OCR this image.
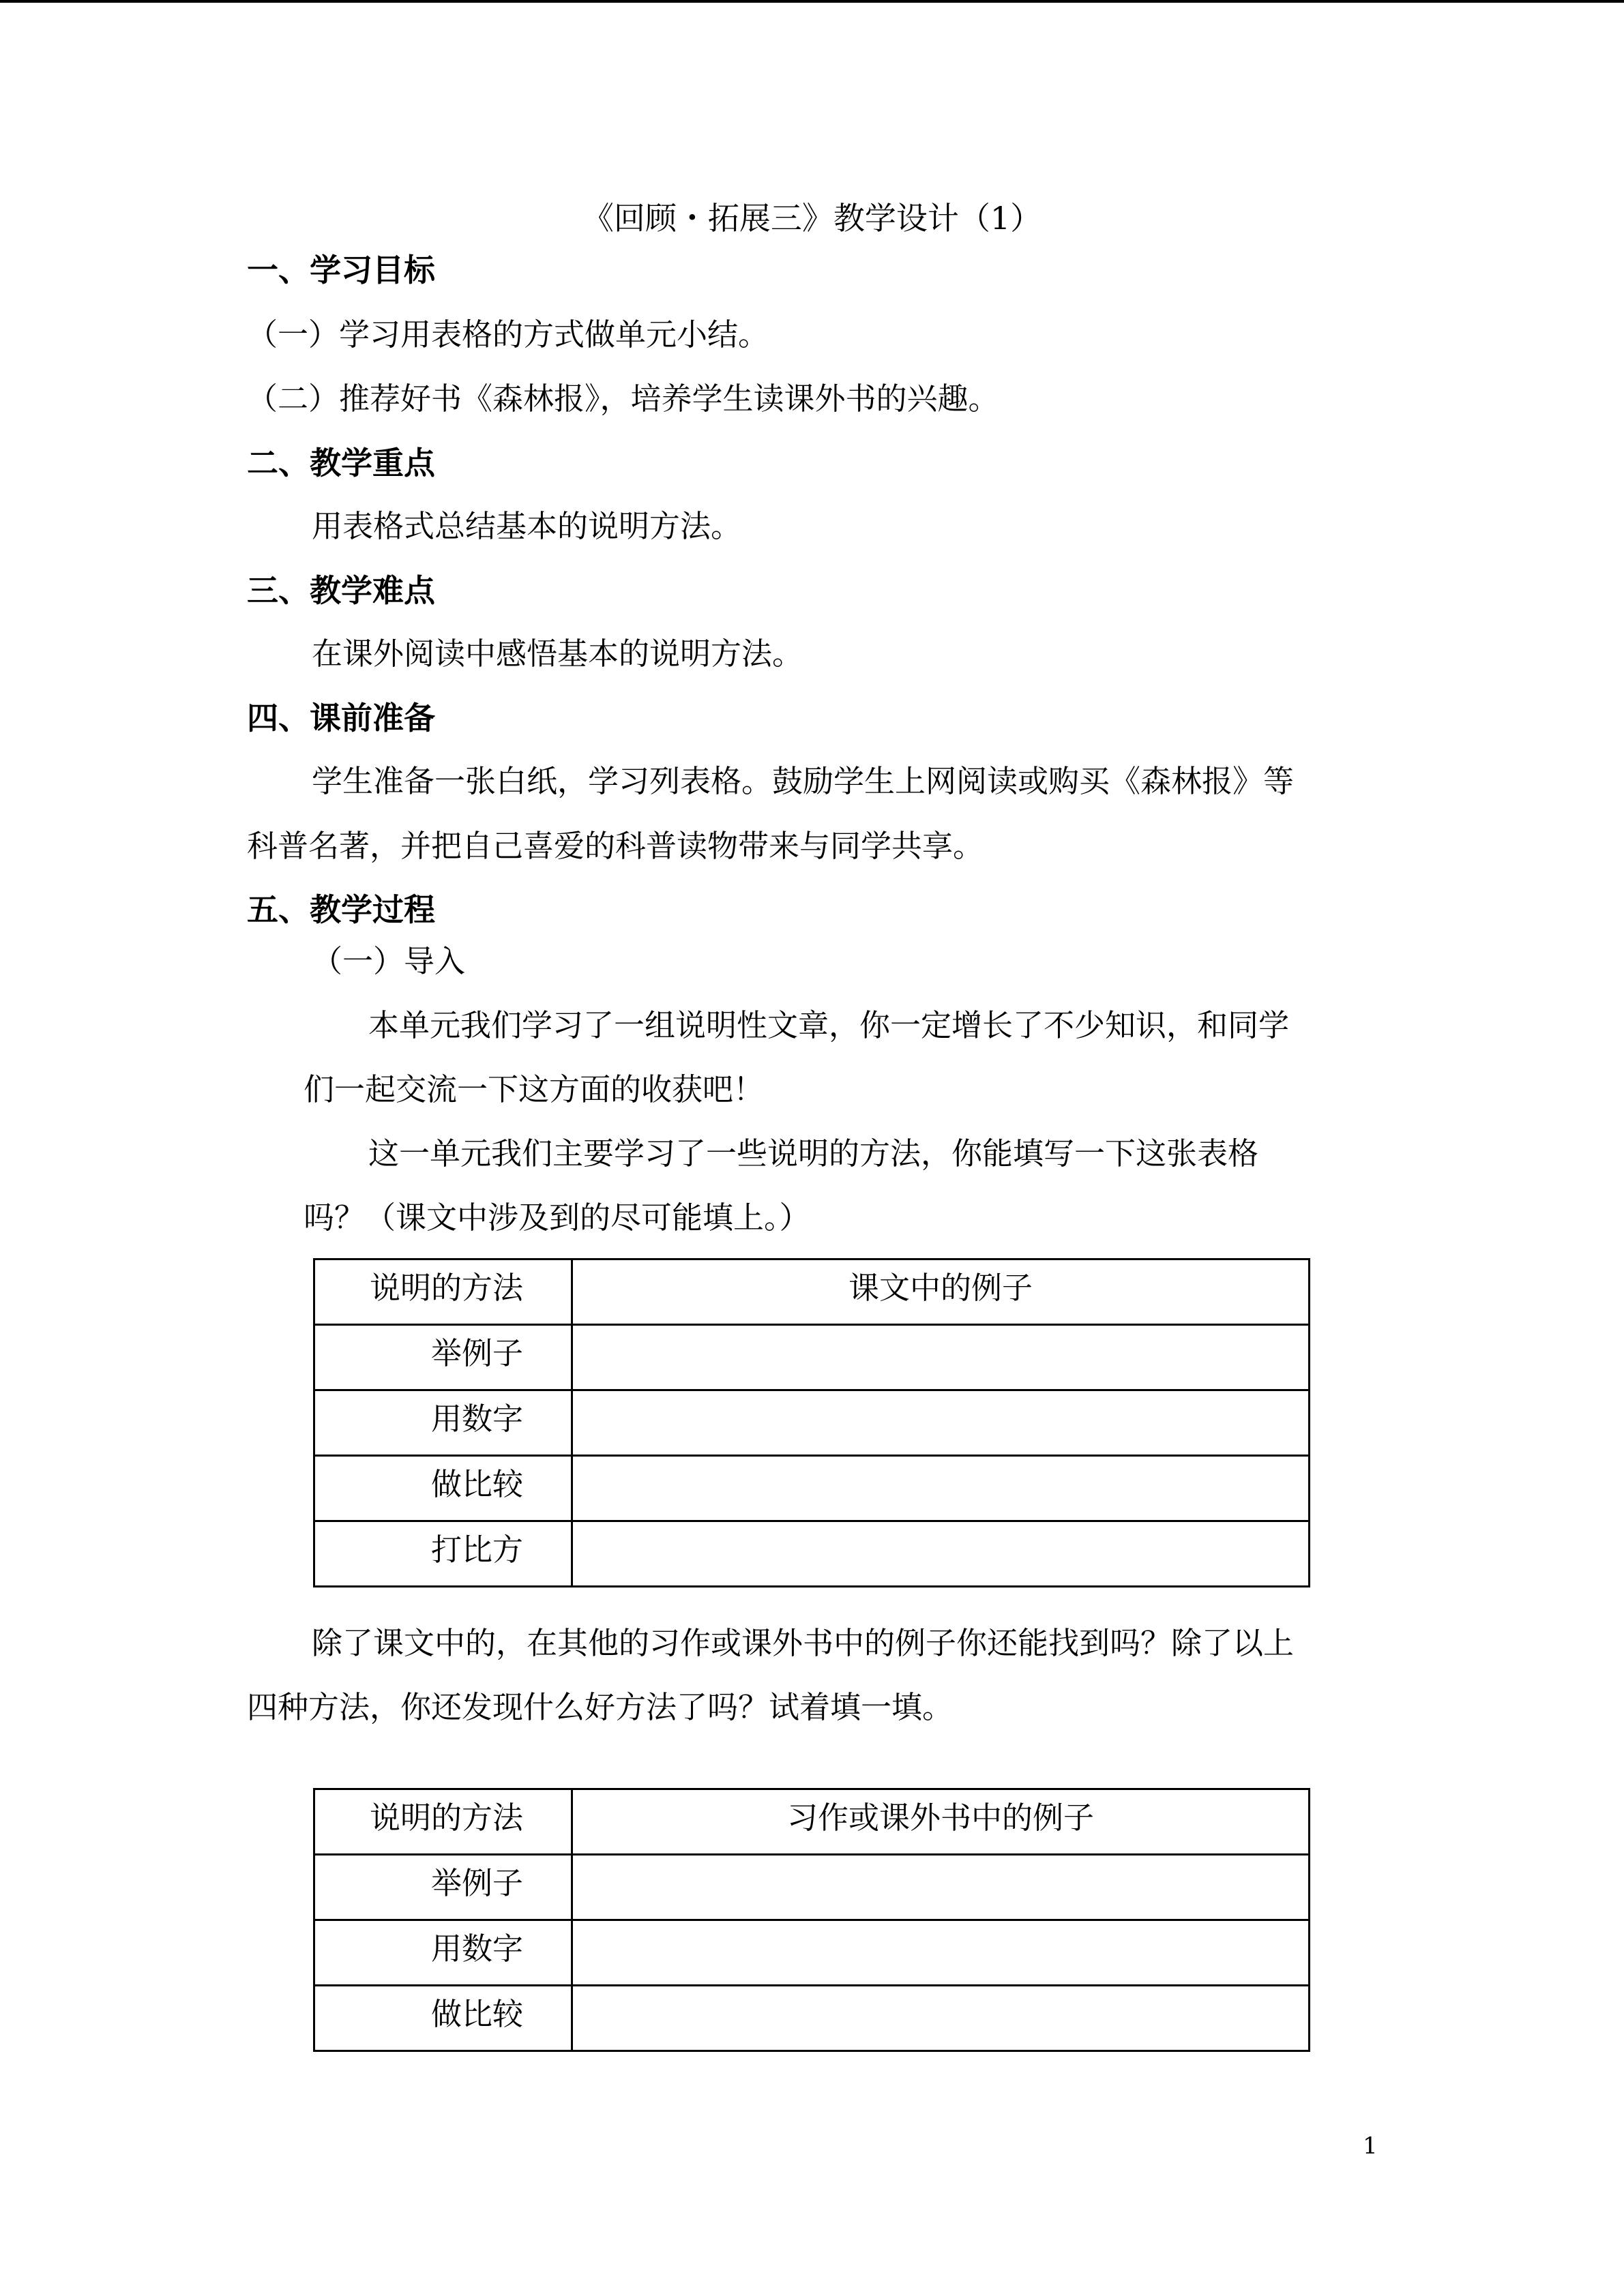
《回顾・拓展三》教学设计（1）
一、学习目标
（一）学习用表格的方式做单元小结。
（二）推荐好书《森林报》，培养学生读课外书的兴趣。
二、教学重点
用表格式总结基本的说明方法。
三、教学难点
在课外阅读中感悟基本的说明方法。
四、课前准备
学生准备一张白纸，学习列表格。鼓励学生上网阅读或购买《森林报》等
科普名著，并把自己喜爱的科普读物带来与同学共享。
五、教学过程
（一）导入
本单元我们学习了一组说明性文章，你一定增长了不少知识，和同学
们一起交流一下这方面的收获吧！
这一单元我们主要学习了一些说明的方法，你能填写一下这张表格
吗？（课文中涉及到的尽可能填上。）
说明的方法	课文中的例子
举例子	
用数字	
做比较	
打比方	
除了课文中的，在其他的习作或课外书中的例子你还能找到吗？除了以上
四种方法，你还发现什么好方法了吗？试着填一填。
说明的方法	习作或课外书中的例子
举例子	
用数字	
做比较	
1
